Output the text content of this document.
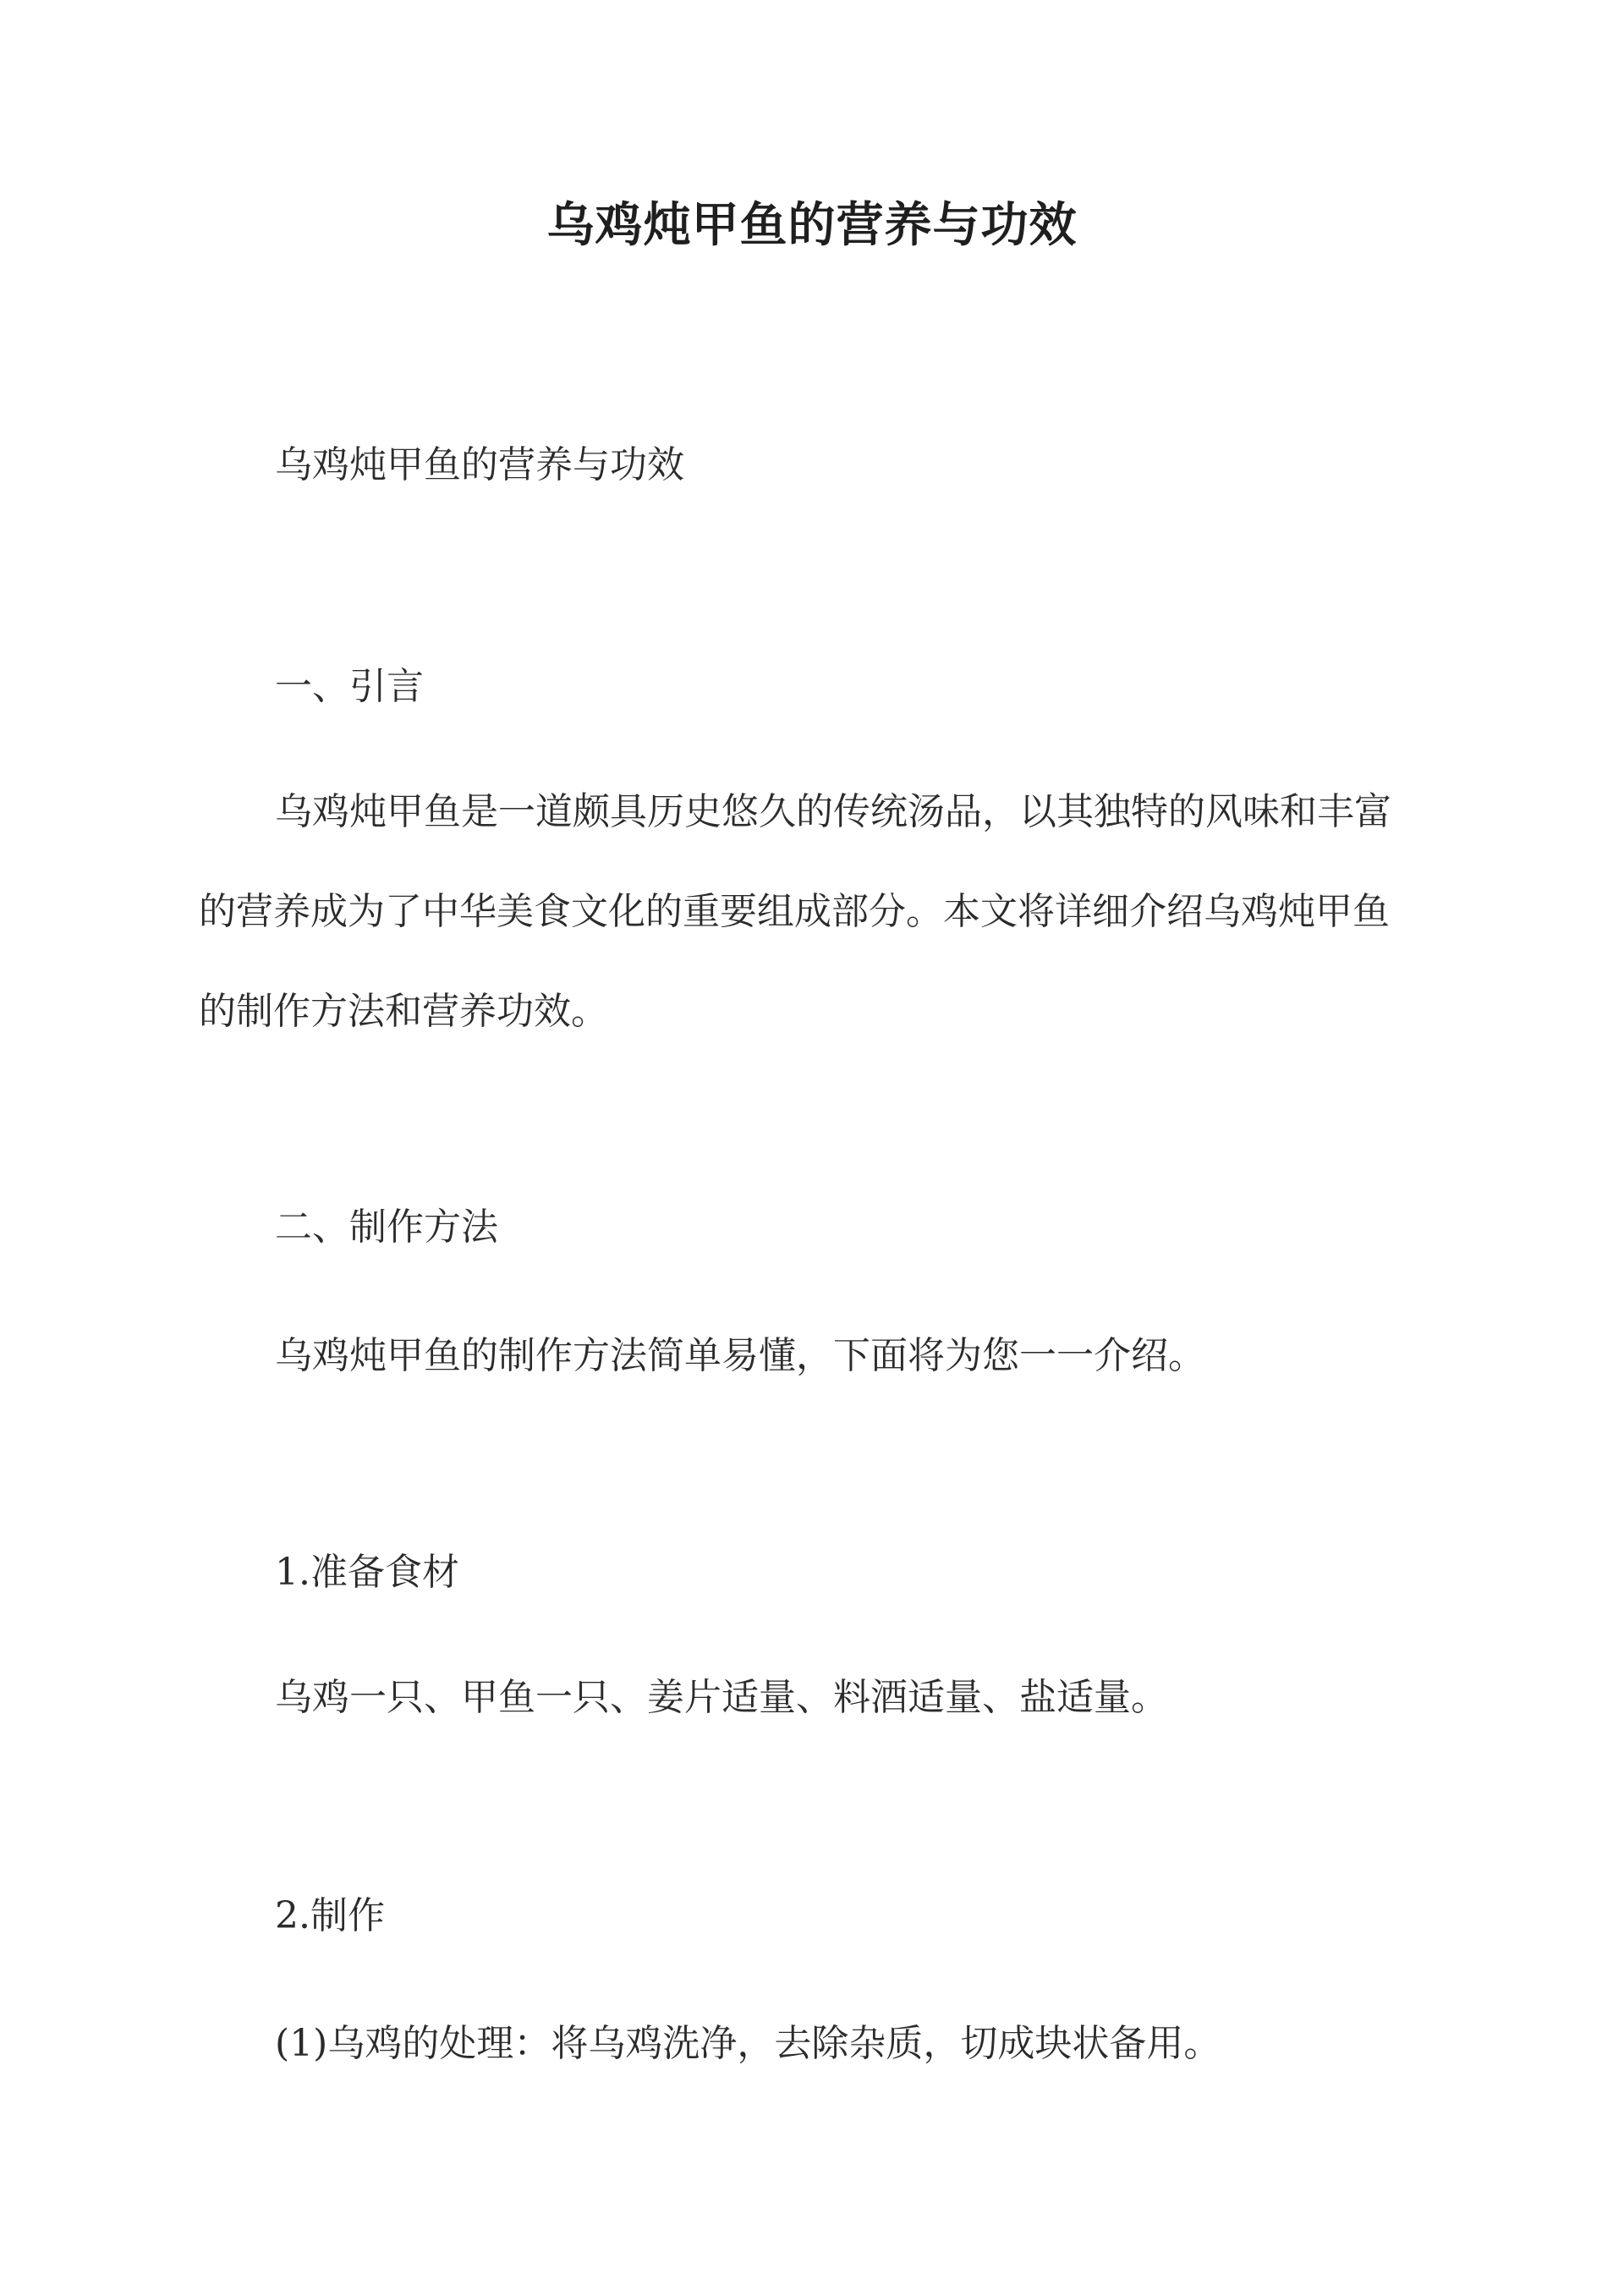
乌鸡炖甲鱼的营养与功效
乌鸡炖甲鱼的营养与功效
一、引言
乌鸡炖甲鱼是一道颇具历史悠久的传统汤品，以其独特的风味和丰富
的营养成为了中华美食文化的重要组成部分。本文将详细介绍乌鸡炖甲鱼
的制作方法和营养功效。
二、制作方法
乌鸡炖甲鱼的制作方法简单易懂，下面将为您一一介绍。
1.准备食材
乌鸡一只、甲鱼一只、姜片适量、料酒适量、盐适量。
2.制作
(1)乌鸡的处理：将乌鸡洗净，去除杂质，切成块状备用。
